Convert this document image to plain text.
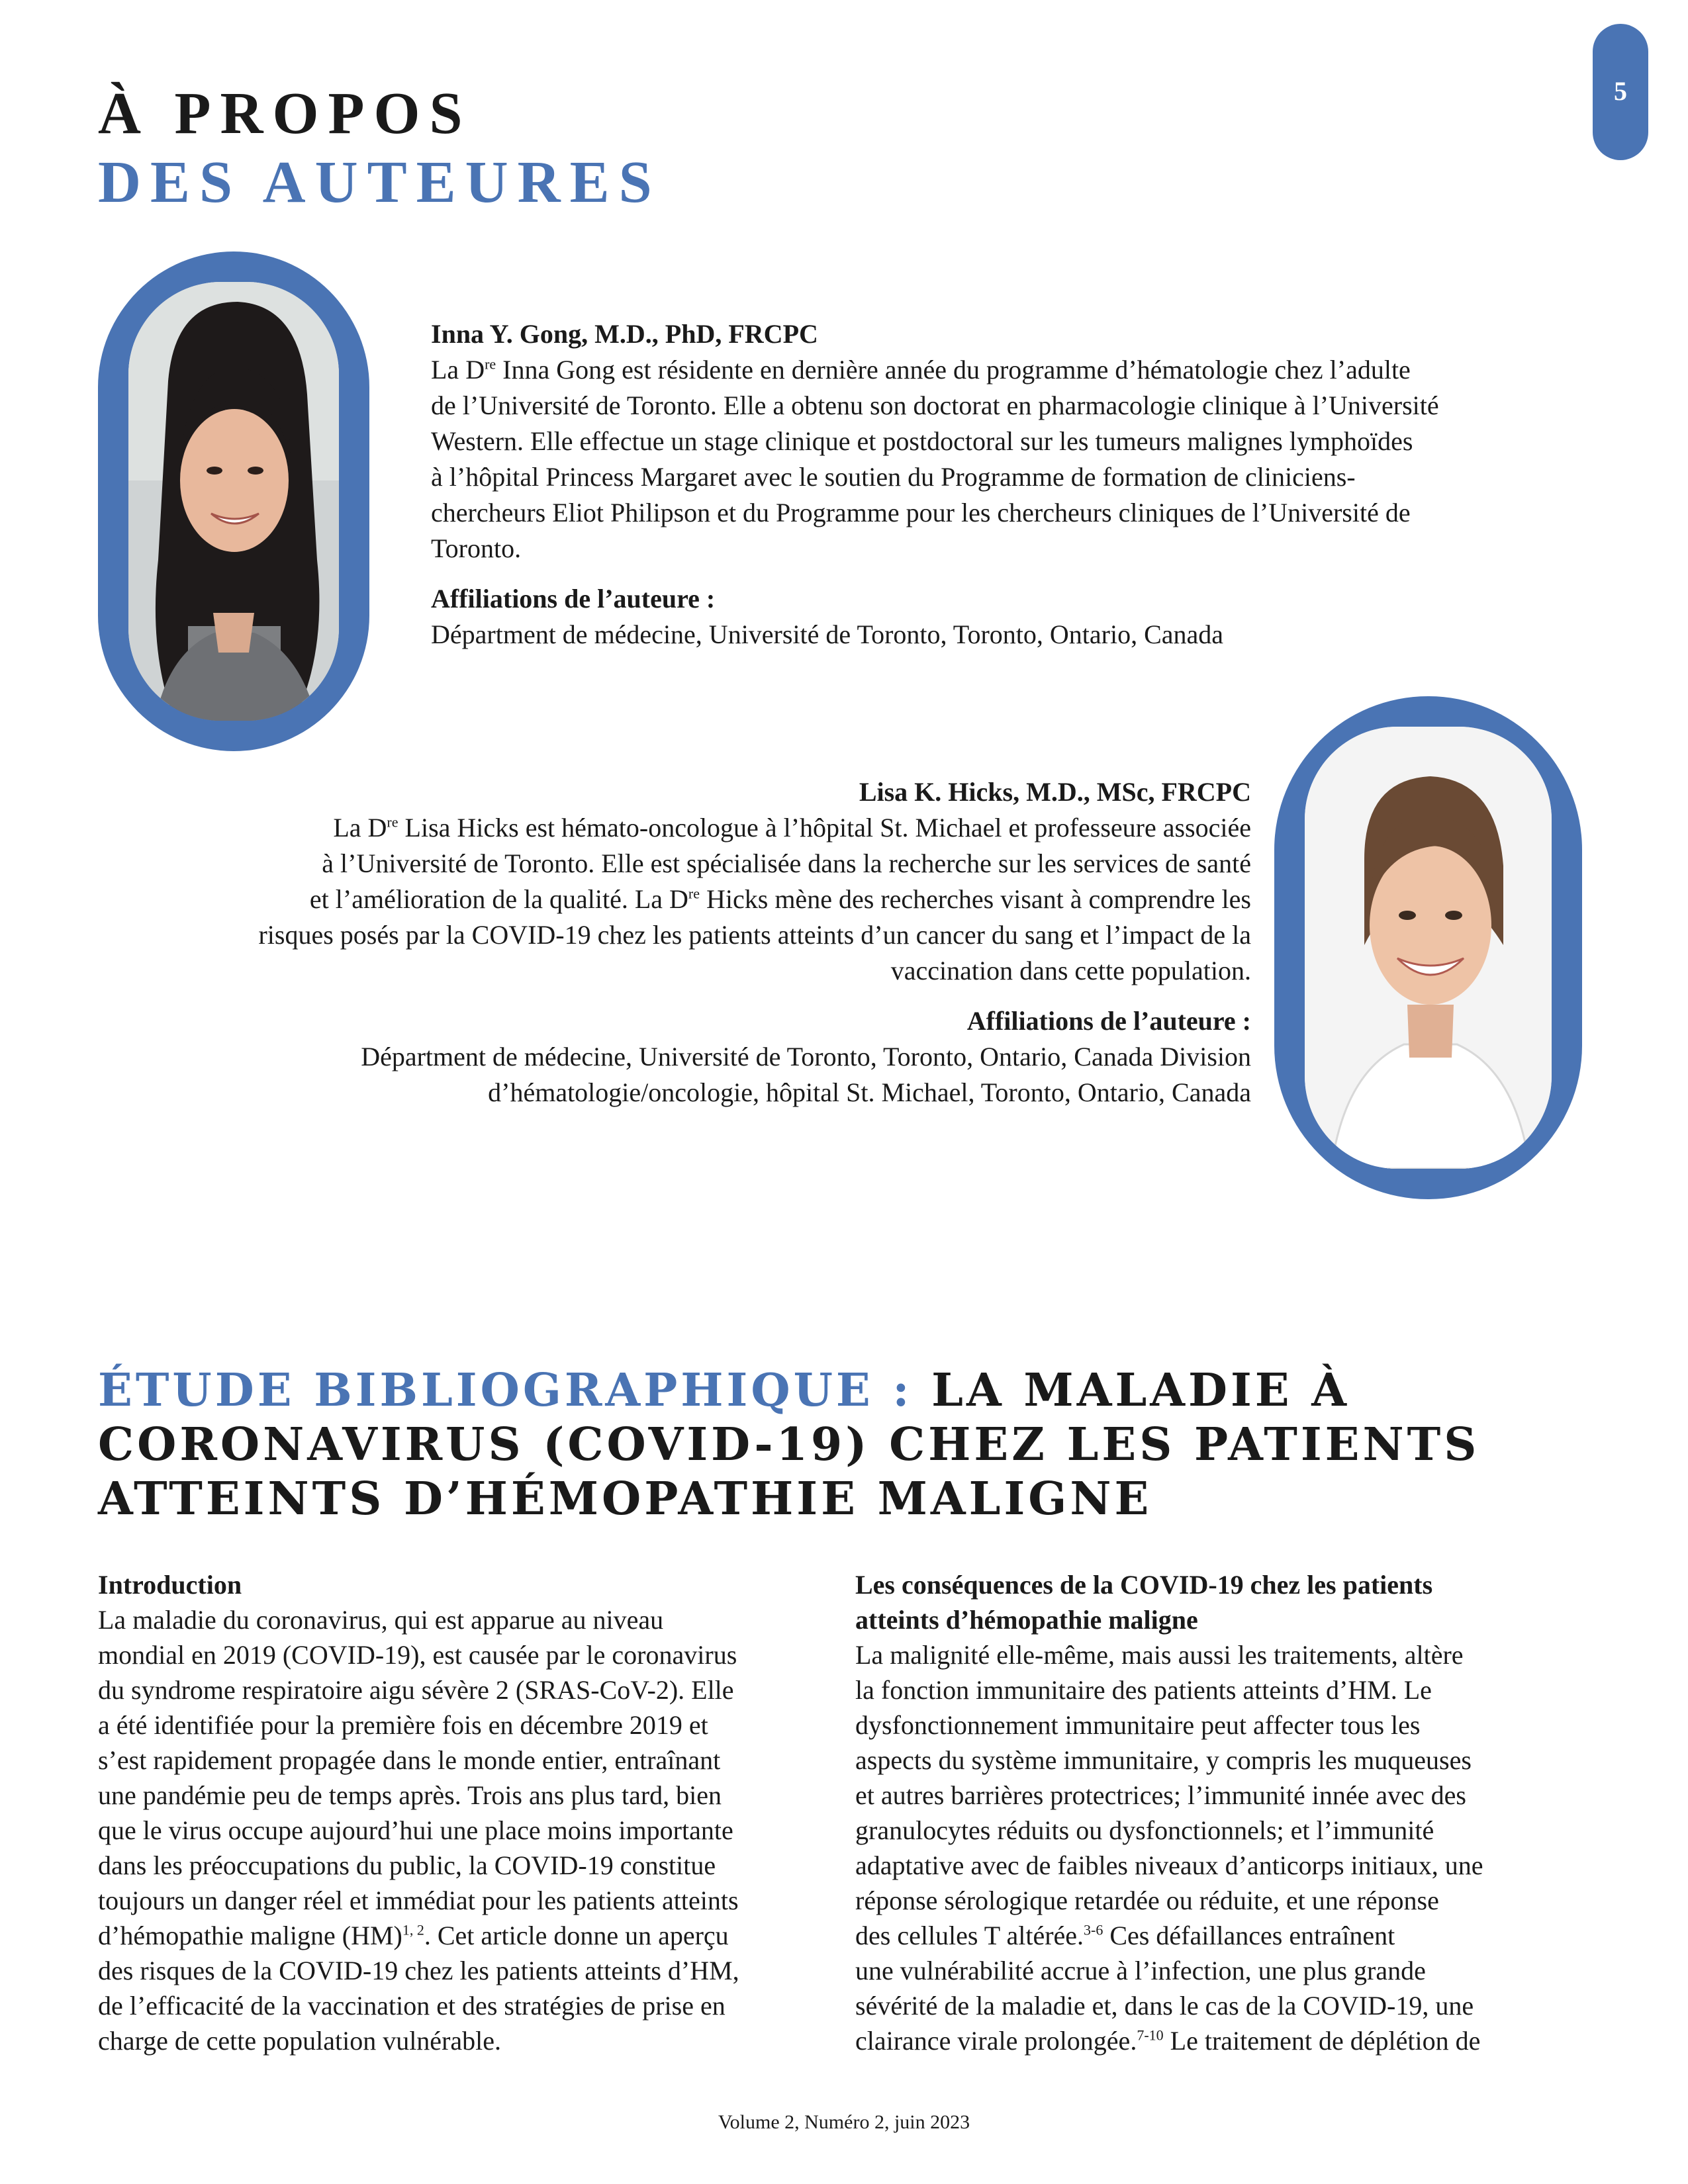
5
À PROPOS
DES AUTEURES

Inna Y. Gong, M.D., PhD, FRCPC

La Dre Inna Gong est résidente en dernière année du programme d’hématologie chez l’adulte

de l’Université de Toronto. Elle a obtenu son doctorat en pharmacologie clinique à l’Université

Western. Elle effectue un stage clinique et postdoctoral sur les tumeurs malignes lymphoïdes

à l’hôpital Princess Margaret avec le soutien du Programme de formation de cliniciens-

chercheurs Eliot Philipson et du Programme pour les chercheurs cliniques de l’Université de

Toronto.

Affiliations de l’auteure :

Départment de médecine, Université de Toronto, Toronto, Ontario, Canada

Lisa K. Hicks, M.D., MSc, FRCPC

La Dre Lisa Hicks est hémato-oncologue à l’hôpital St. Michael et professeure associée

à l’Université de Toronto. Elle est spécialisée dans la recherche sur les services de santé

et l’amélioration de la qualité. La Dre Hicks mène des recherches visant à comprendre les

risques posés par la COVID-19 chez les patients atteints d’un cancer du sang et l’impact de la

vaccination dans cette population.

Affiliations de l’auteure :

Départment de médecine, Université de Toronto, Toronto, Ontario, Canada Division

d’hématologie/oncologie, hôpital St. Michael, Toronto, Ontario, Canada

ÉTUDE BIBLIOGRAPHIQUE : LA MALADIE À
CORONAVIRUS (COVID-19) CHEZ LES PATIENTS
ATTEINTS D’HÉMOPATHIE MALIGNE

Introduction

La maladie du coronavirus, qui est apparue au niveau

mondial en 2019 (COVID-19), est causée par le coronavirus

du syndrome respiratoire aigu sévère 2 (SRAS-CoV-2). Elle

a été identifiée pour la première fois en décembre 2019 et

s’est rapidement propagée dans le monde entier, entraînant

une pandémie peu de temps après. Trois ans plus tard, bien

que le virus occupe aujourd’hui une place moins importante

dans les préoccupations du public, la COVID-19 constitue

toujours un danger réel et immédiat pour les patients atteints

d’hémopathie maligne (HM)$^{1, 2}$. Cet article donne un aperçu

des risques de la COVID-19 chez les patients atteints d’HM,

de l’efficacité de la vaccination et des stratégies de prise en

charge de cette population vulnérable.

Les conséquences de la COVID-19 chez les patients

atteints d’hémopathie maligne

La malignité elle-même, mais aussi les traitements, altère

la fonction immunitaire des patients atteints d’HM. Le

dysfonctionnement immunitaire peut affecter tous les

aspects du système immunitaire, y compris les muqueuses

et autres barrières protectrices; l’immunité innée avec des

granulocytes réduits ou dysfonctionnels; et l’immunité

adaptative avec de faibles niveaux d’anticorps initiaux, une

réponse sérologique retardée ou réduite, et une réponse

des cellules T altérée.$^{3-6}$ Ces défaillances entraînent

une vulnérabilité accrue à l’infection, une plus grande

sévérité de la maladie et, dans le cas de la COVID-19, une

clairance virale prolongée.$^{7-10}$ Le traitement de déplétion de

Volume 2, Numéro 2, juin 2023
